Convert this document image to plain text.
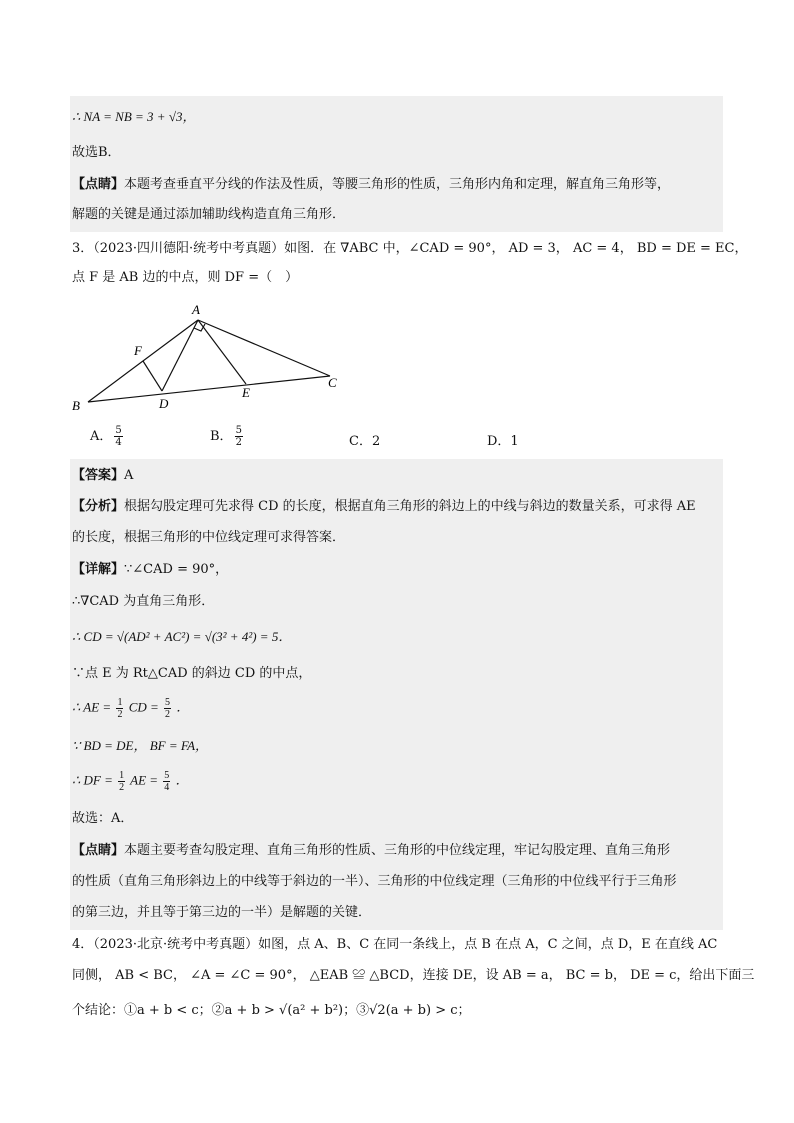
∴ NA = NB = 3 + √3，
故选B．
【点睛】本题考查垂直平分线的作法及性质，等腰三角形的性质，三角形内角和定理，解直角三角形等，
解题的关键是通过添加辅助线构造直角三角形．
3．（2023·四川德阳·统考中考真题）如图．在 ∇ABC 中，∠CAD = 90°， AD = 3， AC = 4， BD = DE = EC，
点 F 是 AB 边的中点，则 DF =（　）
A
B
C
D
E
F
A． $\frac{5}{4}$	B． $\frac{5}{2}$	C．2	D．1
【答案】A
【分析】根据勾股定理可先求得 CD 的长度，根据直角三角形的斜边上的中线与斜边的数量关系，可求得 AE
的长度，根据三角形的中位线定理可求得答案．
【详解】∵∠CAD = 90°，
∴∇CAD 为直角三角形．
∴ CD = √(AD² + AC²) = √(3² + 4²) = 5．
∵点 E 为 Rt△CAD 的斜边 CD 的中点，
∴ AE = $\frac{1}{2}$ CD = $\frac{5}{2}$ ．
∵ BD = DE， BF = FA，
∴ DF = $\frac{1}{2}$ AE = $\frac{5}{4}$ ．
故选：A．
【点睛】本题主要考查勾股定理、直角三角形的性质、三角形的中位线定理，牢记勾股定理、直角三角形
的性质（直角三角形斜边上的中线等于斜边的一半）、三角形的中位线定理（三角形的中位线平行于三角形
的第三边，并且等于第三边的一半）是解题的关键．
4．（2023·北京·统考中考真题）如图，点 A、B、C 在同一条线上，点 B 在点 A，C 之间，点 D，E 在直线 AC
同侧， AB < BC， ∠A = ∠C = 90°， △EAB ≌ △BCD，连接 DE，设 AB = a， BC = b， DE = c，给出下面三
个结论：①a + b < c；②a + b > √(a² + b²)；③√2(a + b) > c；
